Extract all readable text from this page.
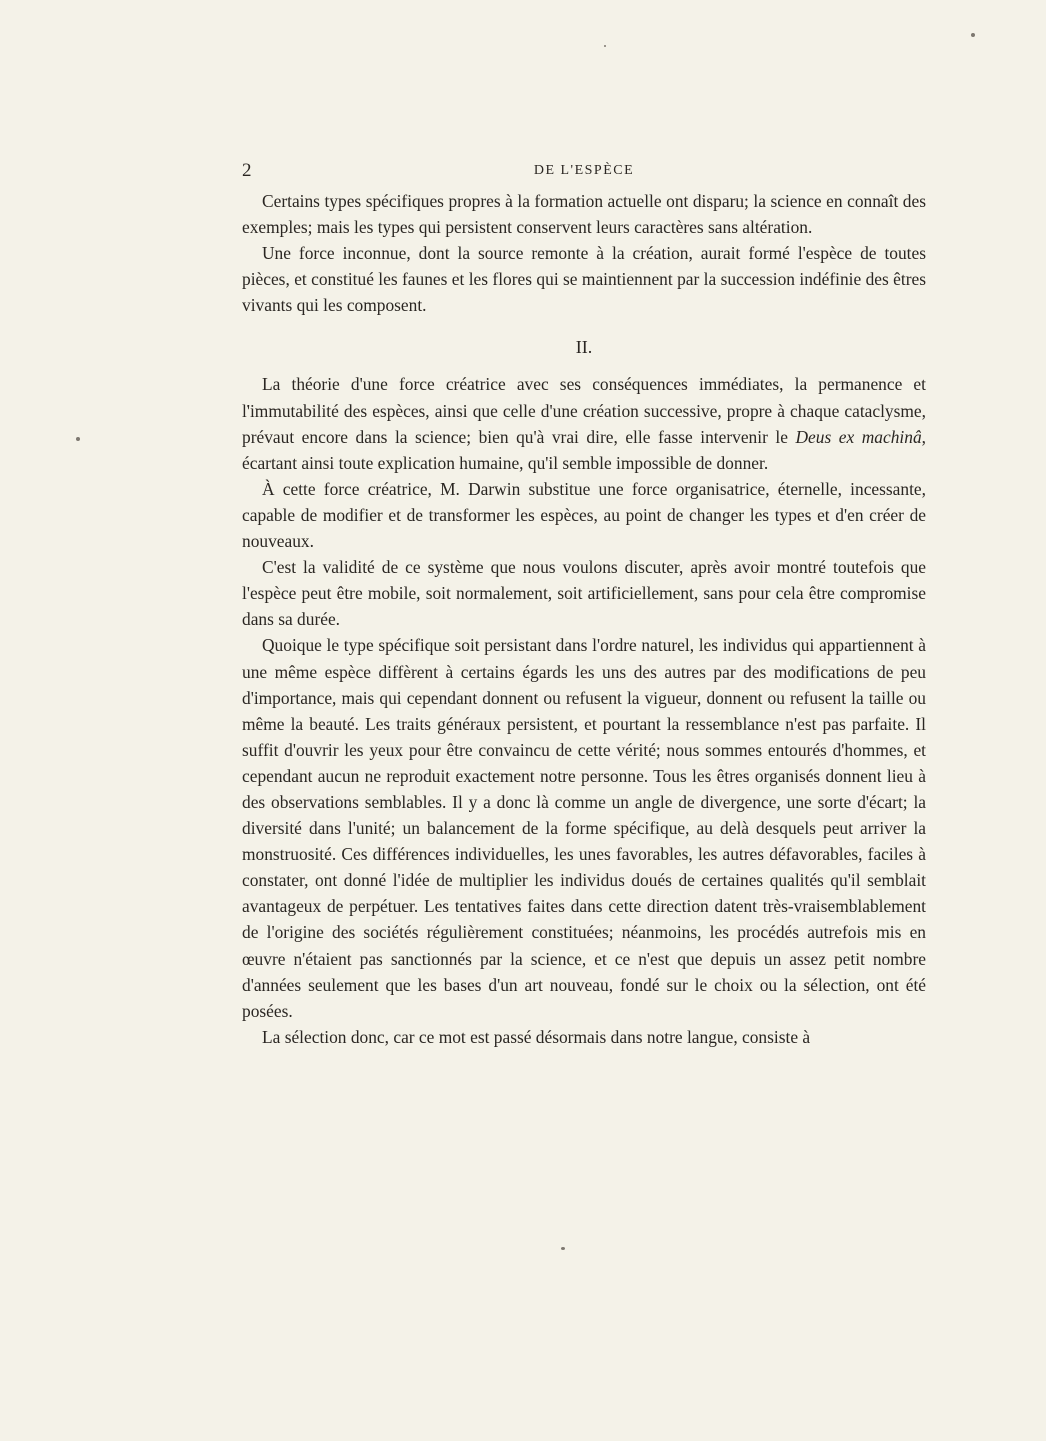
2	DE L'ESPÈCE

Certains types spécifiques propres à la formation actuelle ont disparu; la science en connaît des exemples; mais les types qui persistent conservent leurs caractères sans altération.

Une force inconnue, dont la source remonte à la création, aurait formé l'espèce de toutes pièces, et constitué les faunes et les flores qui se maintiennent par la succession indéfinie des êtres vivants qui les composent.

II.

La théorie d'une force créatrice avec ses conséquences immédiates, la permanence et l'immutabilité des espèces, ainsi que celle d'une création successive, propre à chaque cataclysme, prévaut encore dans la science; bien qu'à vrai dire, elle fasse intervenir le Deus ex machinâ, écartant ainsi toute explication humaine, qu'il semble impossible de donner.

À cette force créatrice, M. Darwin substitue une force organisatrice, éternelle, incessante, capable de modifier et de transformer les espèces, au point de changer les types et d'en créer de nouveaux.

C'est la validité de ce système que nous voulons discuter, après avoir montré toutefois que l'espèce peut être mobile, soit normalement, soit artificiellement, sans pour cela être compromise dans sa durée.

Quoique le type spécifique soit persistant dans l'ordre naturel, les individus qui appartiennent à une même espèce diffèrent à certains égards les uns des autres par des modifications de peu d'importance, mais qui cependant donnent ou refusent la vigueur, donnent ou refusent la taille ou même la beauté. Les traits généraux persistent, et pourtant la ressemblance n'est pas parfaite. Il suffit d'ouvrir les yeux pour être convaincu de cette vérité; nous sommes entourés d'hommes, et cependant aucun ne reproduit exactement notre personne. Tous les êtres organisés donnent lieu à des observations semblables. Il y a donc là comme un angle de divergence, une sorte d'écart; la diversité dans l'unité; un balancement de la forme spécifique, au delà desquels peut arriver la monstruosité. Ces différences individuelles, les unes favorables, les autres défavorables, faciles à constater, ont donné l'idée de multiplier les individus doués de certaines qualités qu'il semblait avantageux de perpétuer. Les tentatives faites dans cette direction datent très-vraisemblablement de l'origine des sociétés régulièrement constituées; néanmoins, les procédés autrefois mis en œuvre n'étaient pas sanctionnés par la science, et ce n'est que depuis un assez petit nombre d'années seulement que les bases d'un art nouveau, fondé sur le choix ou la sélection, ont été posées.

La sélection donc, car ce mot est passé désormais dans notre langue, consiste à
